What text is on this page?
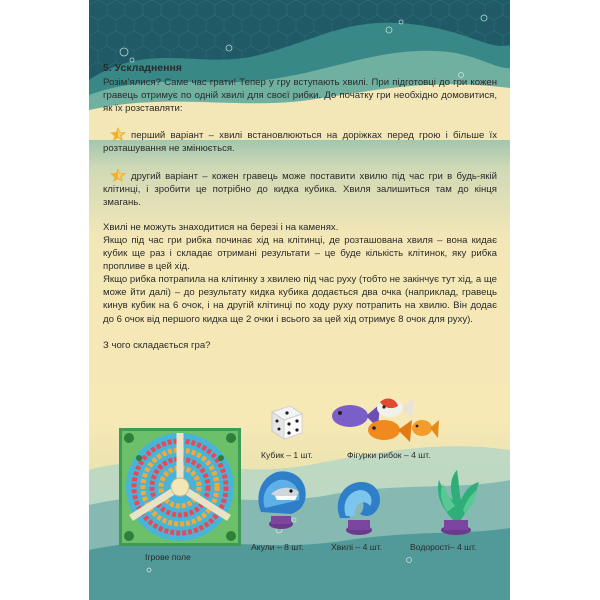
5. Ускладнення
Розім’ялися? Саме час грати! Тепер у гру вступають хвилі. При підготовці до гри кожен гравець отримує по одній хвилі для своєї рибки. До початку гри необхідно домовитися, як їх розставляти:
перший варіант – хвилі встановлюються на доріжках перед грою і більше їх розташування не змінюється.
другий варіант – кожен гравець може поставити хвилю під час гри в будь-якій клітинці, і зробити це потрібно до кидка кубика. Хвиля залишиться там до кінця змагань.
Хвилі не можуть знаходитися на березі і на каменях.
Якщо під час гри рибка починає хід на клітинці, де розташована хвиля – вона кидає кубик ще раз і складає отримані результати – це буде кількість клітинок, яку рибка пропливе в цей хід.
Якщо рибка потрапила на клітинку з хвилею під час руху (тобто не закінчує тут хід, а ще може йти далі) – до результату кидка кубика додається два очка (наприклад, гравець кинув кубик на 6 очок, і на другій клітинці по ходу руху потрапить на хвилю. Він додає до 6 очок від першого кидка ще 2 очки і всього за цей хід отримує 8 очок для руху).
З чого складається гра?
Ігрове поле
Кубик – 1 шт.	Фігурки рибок – 4 шт.
Акули – 8 шт.	Хвилі – 4 шт.	Водорості– 4 шт.
